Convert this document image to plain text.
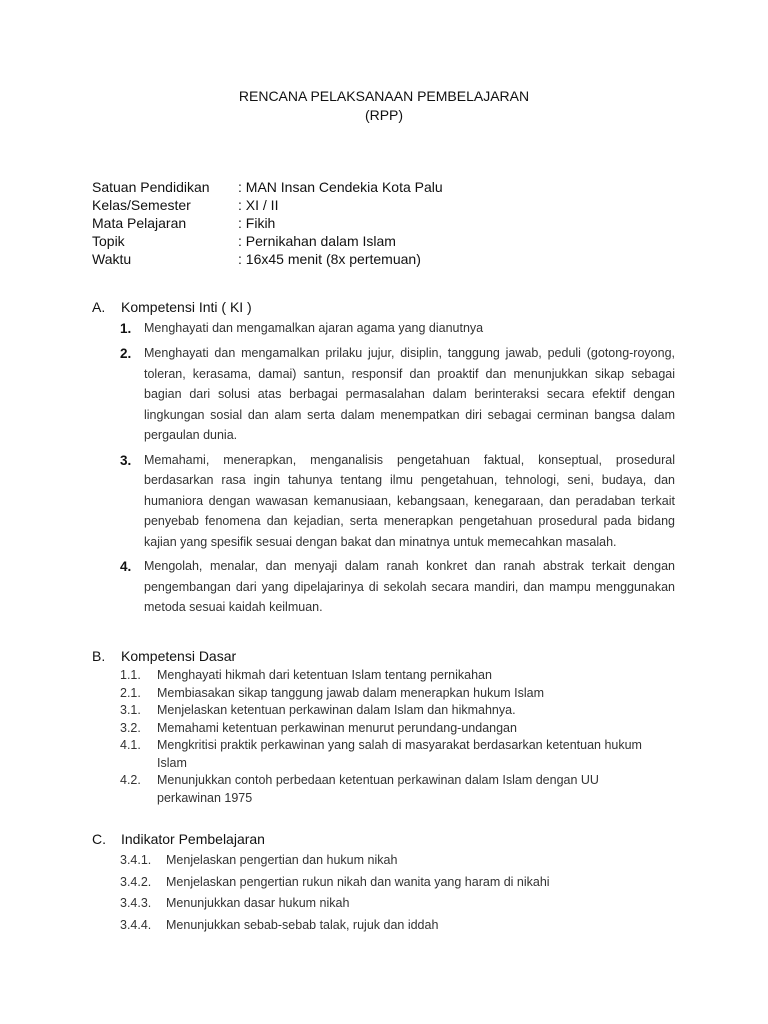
RENCANA PELAKSANAAN PEMBELAJARAN
(RPP)
Satuan Pendidikan	: MAN Insan Cendekia Kota Palu
Kelas/Semester	: XI / II
Mata Pelajaran	: Fikih
Topik	: Pernikahan dalam Islam
Waktu	: 16x45 menit (8x pertemuan)
A.	Kompetensi Inti ( KI )
1.	Menghayati dan mengamalkan ajaran agama yang dianutnya
2.	Menghayati dan mengamalkan prilaku jujur, disiplin, tanggung jawab, peduli (gotong-royong, toleran, kerasama, damai) santun, responsif dan proaktif dan menunjukkan sikap sebagai bagian dari solusi atas berbagai permasalahan dalam berinteraksi secara efektif dengan lingkungan sosial dan alam serta dalam menempatkan diri sebagai cerminan bangsa dalam pergaulan dunia.
3.	Memahami, menerapkan, menganalisis pengetahuan faktual, konseptual, prosedural berdasarkan rasa ingin tahunya tentang ilmu pengetahuan, tehnologi, seni, budaya, dan humaniora dengan wawasan kemanusiaan, kebangsaan, kenegaraan, dan peradaban terkait penyebab fenomena dan kejadian, serta menerapkan pengetahuan prosedural pada bidang kajian yang spesifik sesuai dengan bakat dan minatnya untuk memecahkan masalah.
4.	Mengolah, menalar, dan menyaji dalam ranah konkret dan ranah abstrak terkait dengan pengembangan dari yang dipelajarinya di sekolah secara mandiri, dan mampu menggunakan metoda sesuai kaidah keilmuan.
B.	Kompetensi Dasar
1.1.	Menghayati hikmah dari ketentuan Islam tentang pernikahan
2.1.	Membiasakan sikap tanggung jawab dalam menerapkan hukum Islam
3.1.	Menjelaskan ketentuan perkawinan dalam Islam dan hikmahnya.
3.2.	Memahami ketentuan perkawinan menurut perundang-undangan
4.1.	Mengkritisi praktik perkawinan yang salah di masyarakat berdasarkan ketentuan hukum Islam
4.2.	Menunjukkan contoh perbedaan ketentuan perkawinan dalam Islam dengan UU perkawinan 1975
C.	Indikator Pembelajaran
3.4.1.	Menjelaskan pengertian dan hukum nikah
3.4.2.	Menjelaskan pengertian rukun nikah dan wanita yang haram di nikahi
3.4.3.	Menunjukkan dasar hukum nikah
3.4.4.	Menunjukkan sebab-sebab talak, rujuk dan iddah
